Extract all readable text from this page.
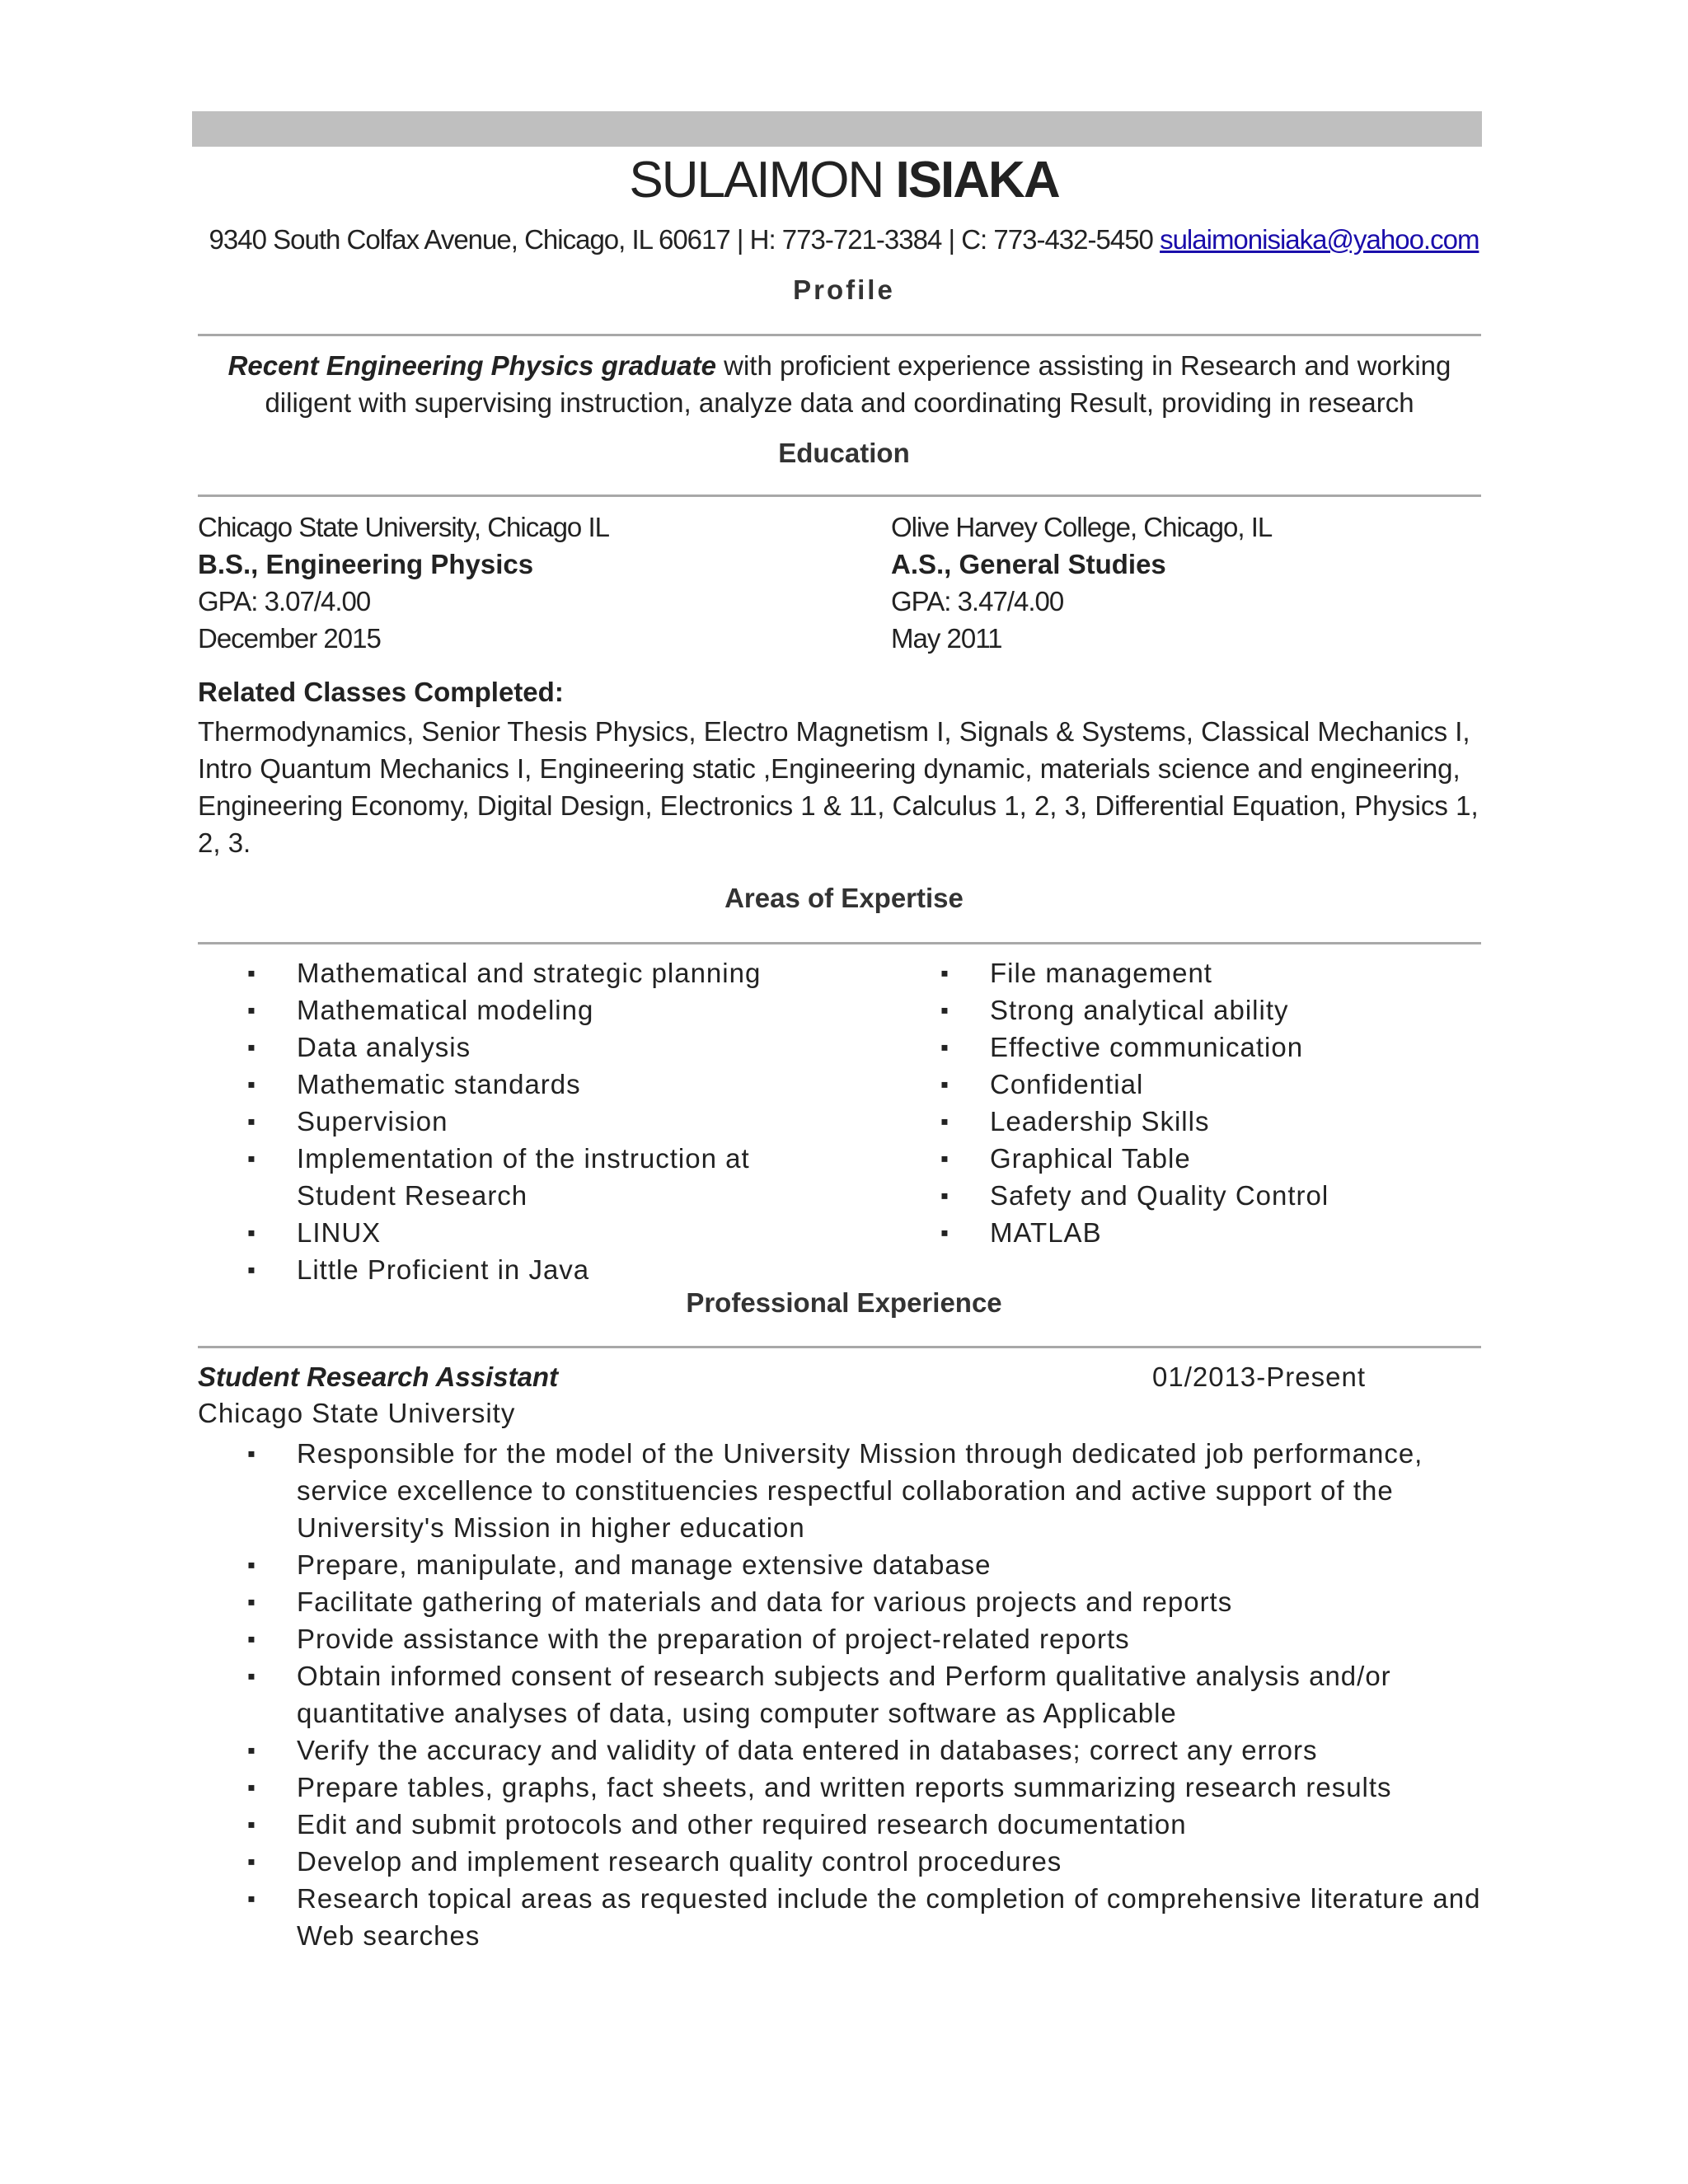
SULAIMON ISIAKA
9340 South Colfax Avenue, Chicago, IL 60617 | H: 773-721-3384 | C: 773-432-5450 sulaimonisiaka@yahoo.com
Profile
Recent Engineering Physics graduate with proficient experience assisting in Research and working diligent with supervising instruction, analyze data and coordinating Result, providing in research
Education
Chicago State University, Chicago IL
B.S., Engineering Physics
GPA: 3.07/4.00
December 2015
Olive Harvey College, Chicago, IL
A.S., General Studies
GPA: 3.47/4.00
May 2011
Related Classes Completed:
Thermodynamics, Senior Thesis Physics, Electro Magnetism I, Signals & Systems, Classical Mechanics I, Intro Quantum Mechanics I, Engineering static ,Engineering dynamic, materials science and engineering, Engineering Economy, Digital Design, Electronics 1 & 11, Calculus 1, 2, 3, Differential Equation, Physics 1, 2, 3.
Areas of Expertise
▪ Mathematical and strategic planning
▪ Mathematical modeling
▪ Data analysis
▪ Mathematic standards
▪ Supervision
▪ Implementation of the instruction at Student Research
▪ LINUX
▪ Little Proficient in Java
▪ File management
▪ Strong analytical ability
▪ Effective communication
▪ Confidential
▪ Leadership Skills
▪ Graphical Table
▪ Safety and Quality Control
▪ MATLAB
Professional Experience
Student Research Assistant	01/2013-Present
Chicago State University
▪ Responsible for the model of the University Mission through dedicated job performance, service excellence to constituencies respectful collaboration and active support of the University's Mission in higher education
▪ Prepare, manipulate, and manage extensive database
▪ Facilitate gathering of materials and data for various projects and reports
▪ Provide assistance with the preparation of project-related reports
▪ Obtain informed consent of research subjects and Perform qualitative analysis and/or quantitative analyses of data, using computer software as Applicable
▪ Verify the accuracy and validity of data entered in databases; correct any errors
▪ Prepare tables, graphs, fact sheets, and written reports summarizing research results
▪ Edit and submit protocols and other required research documentation
▪ Develop and implement research quality control procedures
▪ Research topical areas as requested include the completion of comprehensive literature and Web searches
